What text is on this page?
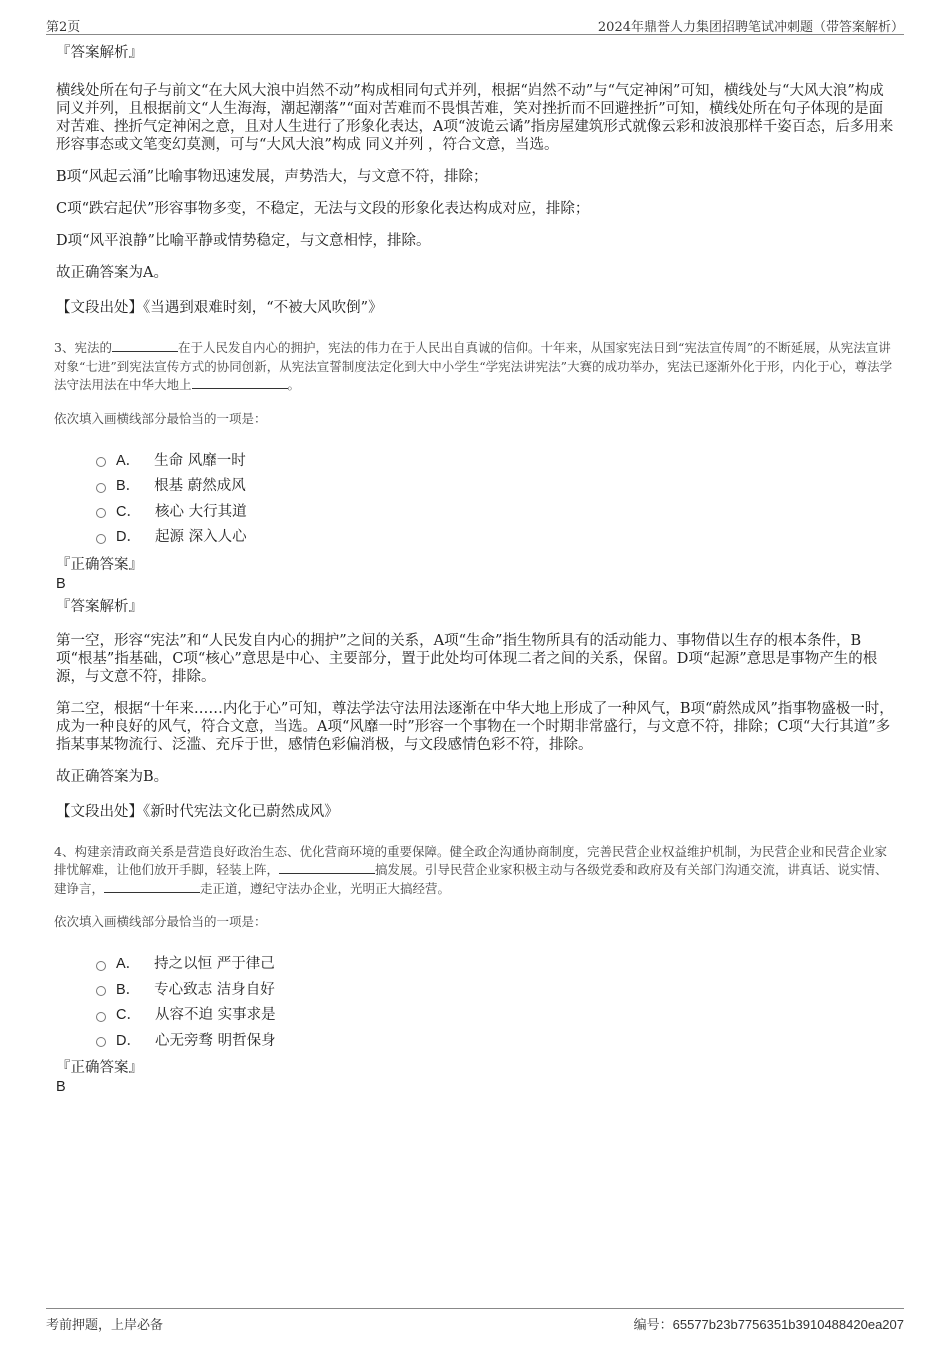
第2页	2024年鼎誉人力集团招聘笔试冲刺题（带答案解析）
『答案解析』

横线处所在句子与前文“在大风大浪中岿然不动”构成相同句式并列，根据“岿然不动”与“气定神闲”可知，横线处与“大风大浪”构成同义并列，且根据前文“人生海海，潮起潮落”“面对苦难而不畏惧苦难，笑对挫折而不回避挫折”可知，横线处所在句子体现的是面对苦难、挫折气定神闲之意，且对人生进行了形象化表达，A项“波诡云谲”指房屋建筑形式就像云彩和波浪那样千姿百态，后多用来形容事态或文笔变幻莫测，可与“大风大浪”构成 同义并列 ，符合文意，当选。

B项“风起云涌”比喻事物迅速发展，声势浩大，与文意不符，排除；

C项“跌宕起伏”形容事物多变，不稳定，无法与文段的形象化表达构成对应，排除；

D项“风平浪静”比喻平静或情势稳定，与文意相悖，排除。

故正确答案为A。

【文段出处】《当遇到艰难时刻，“不被大风吹倒”》

3、宪法的	在于人民发自内心的拥护，宪法的伟力在于人民出自真诚的信仰。十年来，从国家宪法日到“宪法宣传周”的不断延展，从宪法宣讲对象“七进”到宪法宣传方式的协同创新，从宪法宣誓制度法定化到大中小学生“学宪法讲宪法”大赛的成功举办，宪法已逐渐外化于形，内化于心，尊法学法守法用法在中华大地上	。

依次填入画横线部分最恰当的一项是：
A． 生命 风靡一时
B． 根基 蔚然成风
C． 核心 大行其道
D． 起源 深入人心
『正确答案』
B
『答案解析』

第一空，形容“宪法”和“人民发自内心的拥护”之间的关系，A项“生命”指生物所具有的活动能力、事物借以生存的根本条件，B项“根基”指基础，C项“核心”意思是中心、主要部分，置于此处均可体现二者之间的关系，保留。D项“起源”意思是事物产生的根源，与文意不符，排除。

第二空，根据“十年来……内化于心”可知，尊法学法守法用法逐渐在中华大地上形成了一种风气，B项“蔚然成风”指事物盛极一时，成为一种良好的风气，符合文意，当选。A项“风靡一时”形容一个事物在一个时期非常盛行，与文意不符，排除；C项“大行其道”多指某事某物流行、泛滥、充斥于世，感情色彩偏消极，与文段感情色彩不符，排除。

故正确答案为B。

【文段出处】《新时代宪法文化已蔚然成风》

4、构建亲清政商关系是营造良好政治生态、优化营商环境的重要保障。健全政企沟通协商制度，完善民营企业权益维护机制，为民营企业和民营企业家排忧解难，让他们放开手脚，轻装上阵，	搞发展。引导民营企业家积极主动与各级党委和政府及有关部门沟通交流，讲真话、说实情、建诤言，	走正道，遵纪守法办企业，光明正大搞经营。

依次填入画横线部分最恰当的一项是：
A． 持之以恒 严于律己
B． 专心致志 洁身自好
C． 从容不迫 实事求是
D． 心无旁骛 明哲保身
『正确答案』
B
考前押题，上岸必备	编号：65577b23b7756351b3910488420ea207
